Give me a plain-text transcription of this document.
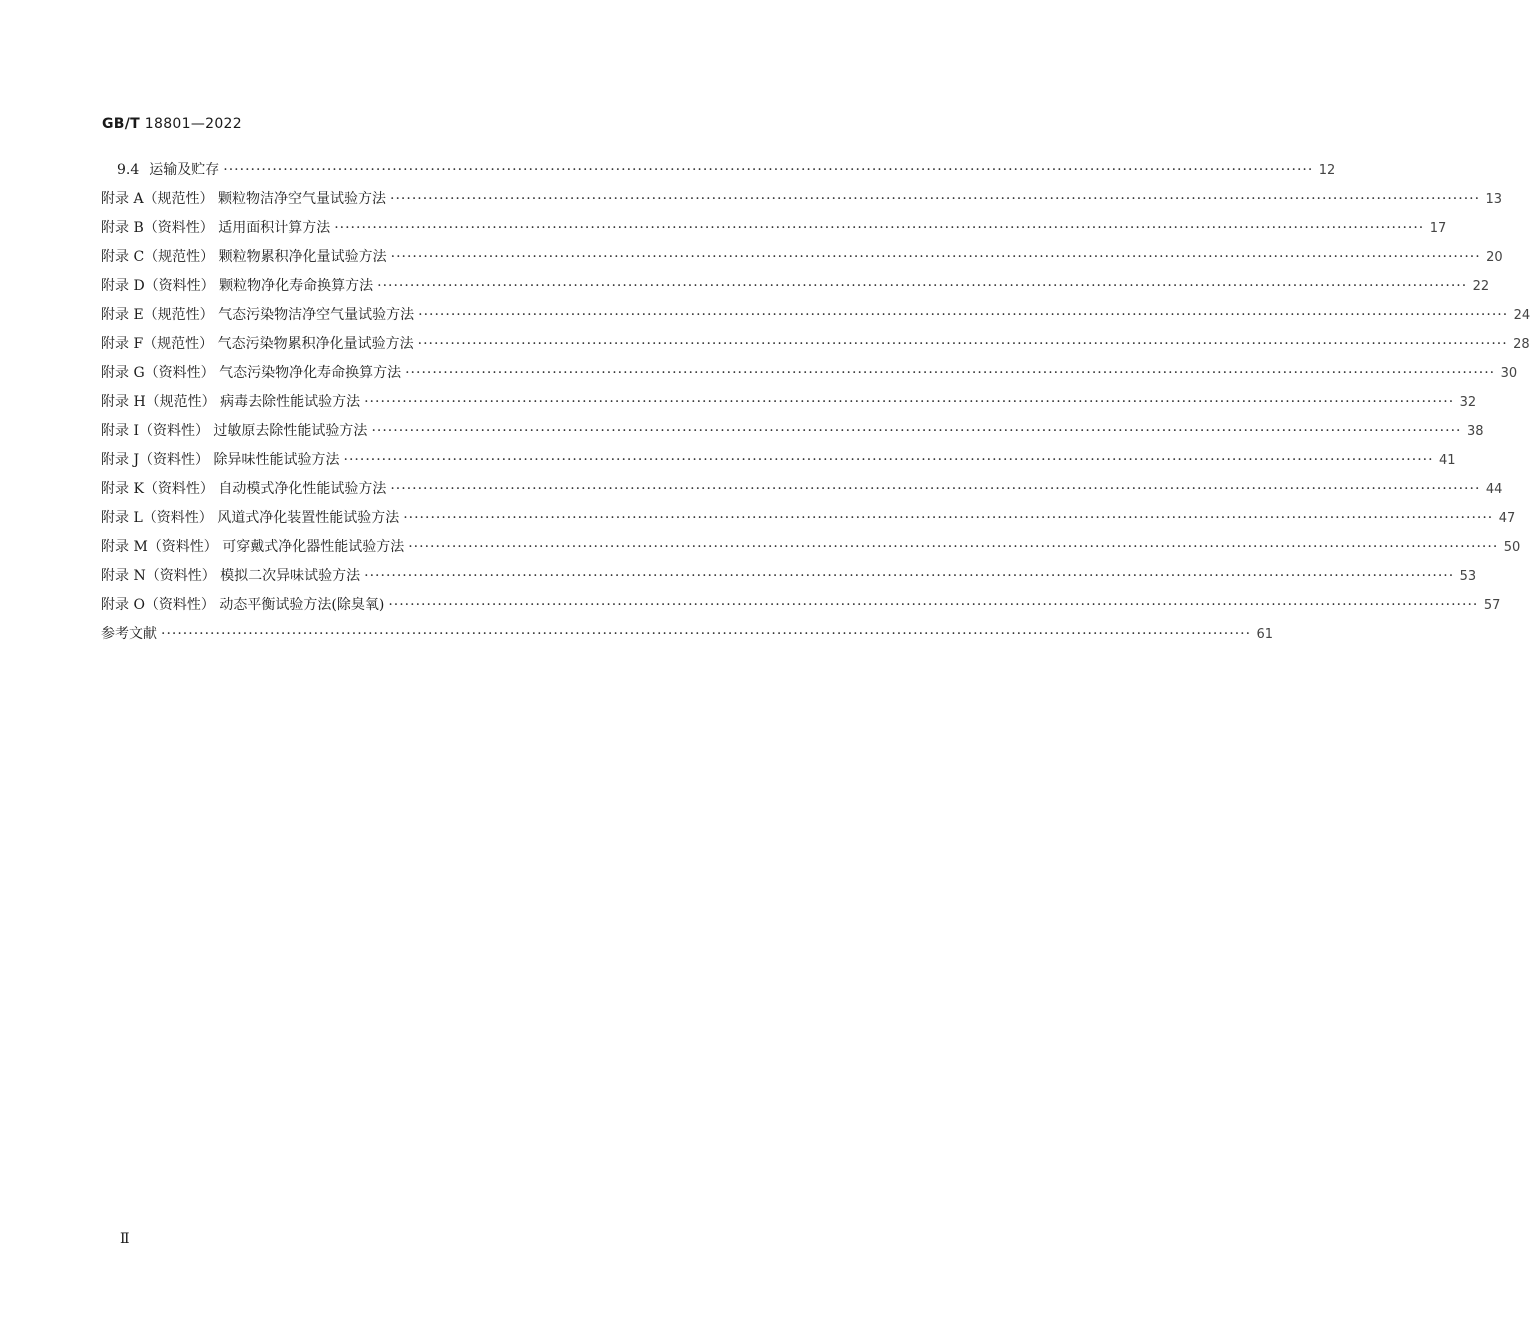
GB/T 18801—2022
9.4 运输及贮存 ········································································································································································································ 12
附录 A（规范性） 颗粒物洁净空气量试验方法 ········································································································································································································ 13
附录 B（资料性） 适用面积计算方法 ········································································································································································································ 17
附录 C（规范性） 颗粒物累积净化量试验方法 ········································································································································································································ 20
附录 D（资料性） 颗粒物净化寿命换算方法 ········································································································································································································ 22
附录 E（规范性） 气态污染物洁净空气量试验方法 ········································································································································································································ 24
附录 F（规范性） 气态污染物累积净化量试验方法 ········································································································································································································ 28
附录 G（资料性） 气态污染物净化寿命换算方法 ········································································································································································································ 30
附录 H（规范性） 病毒去除性能试验方法 ········································································································································································································ 32
附录 I（资料性） 过敏原去除性能试验方法 ········································································································································································································ 38
附录 J（资料性） 除异味性能试验方法 ········································································································································································································ 41
附录 K（资料性） 自动模式净化性能试验方法 ········································································································································································································ 44
附录 L（资料性） 风道式净化装置性能试验方法 ········································································································································································································ 47
附录 M（资料性） 可穿戴式净化器性能试验方法 ········································································································································································································ 50
附录 N（资料性） 模拟二次异味试验方法 ········································································································································································································ 53
附录 O（资料性） 动态平衡试验方法(除臭氧) ········································································································································································································ 57
参考文献 ········································································································································································································ 61
Ⅱ
